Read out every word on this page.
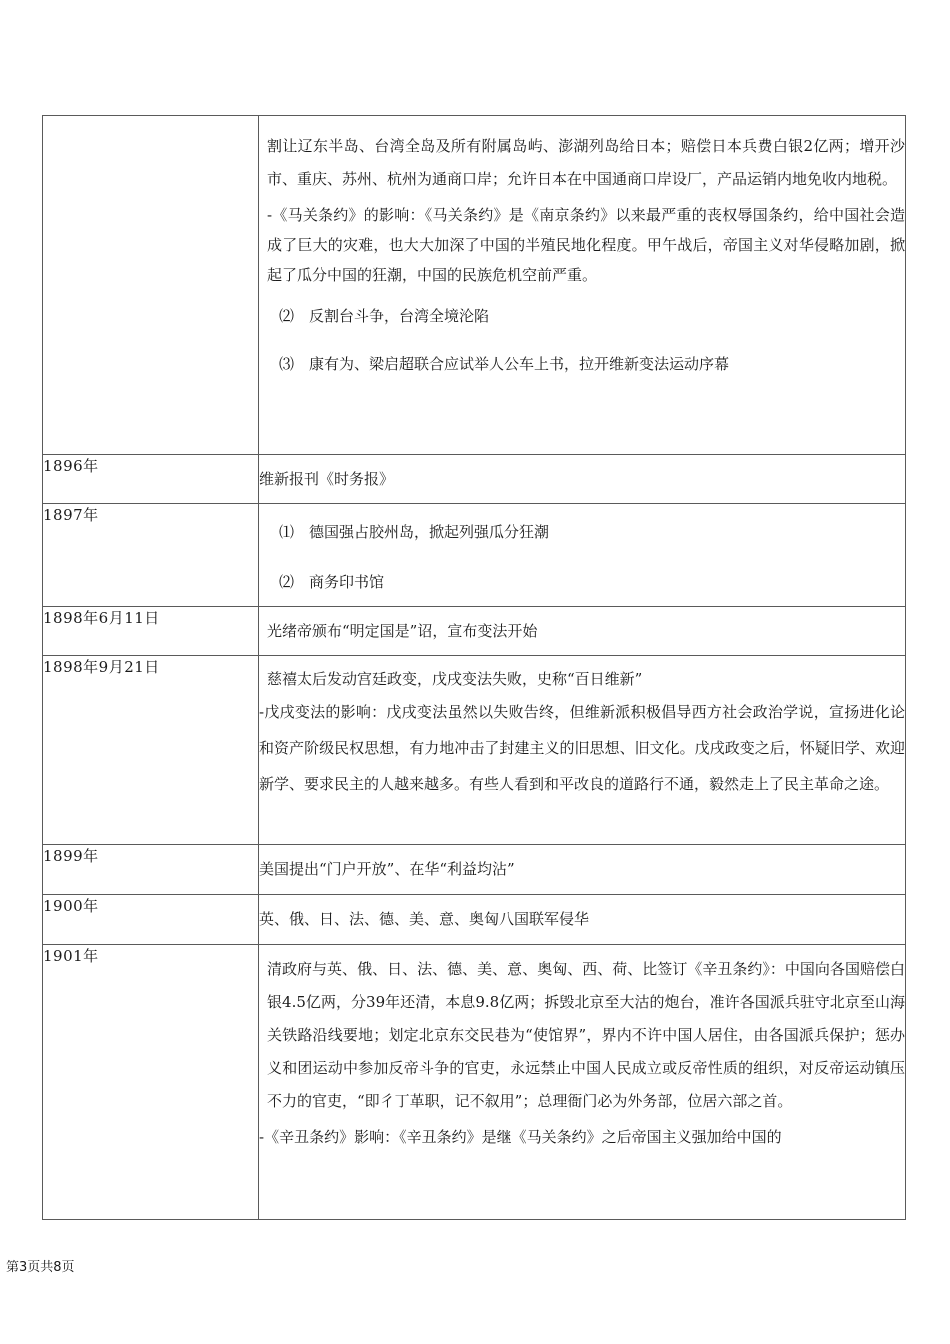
	割让辽东半岛、台湾全岛及所有附属岛屿、澎湖列岛给日本；赔偿日本兵费白银2亿两；增开沙市、重庆、苏州、杭州为通商口岸；允许日本在中国通商口岸设厂，产品运销内地免收内地税。

-《马关条约》的影响：《马关条约》是《南京条约》以来最严重的丧权辱国条约，给中国社会造成了巨大的灾难，也大大加深了中国的半殖民地化程度。甲午战后，帝国主义对华侵略加剧，掀起了瓜分中国的狂潮，中国的民族危机空前严重。

⑵　反割台斗争，台湾全境沦陷

⑶　康有为、梁启超联合应试举人公车上书，拉开维新变法运动序幕

1896年	维新报刊《时务报》

1897年	⑴　德国强占胶州岛，掀起列强瓜分狂潮

⑵　商务印书馆

1898年6月11日	光绪帝颁布“明定国是”诏，宣布变法开始

1898年9月21日	慈禧太后发动宫廷政变，戊戌变法失败，史称“百日维新”

-戊戌变法的影响：戊戌变法虽然以失败告终，但维新派积极倡导西方社会政治学说，宣扬进化论和资产阶级民权思想，有力地冲击了封建主义的旧思想、旧文化。戊戌政变之后，怀疑旧学、欢迎新学、要求民主的人越来越多。有些人看到和平改良的道路行不通，毅然走上了民主革命之途。

1899年	美国提出“门户开放”、在华“利益均沾”

1900年	英、俄、日、法、德、美、意、奥匈八国联军侵华

1901年	清政府与英、俄、日、法、德、美、意、奥匈、西、荷、比签订《辛丑条约》：中国向各国赔偿白银4.5亿两，分39年还清，本息9.8亿两；拆毁北京至大沽的炮台，准许各国派兵驻守北京至山海关铁路沿线要地；划定北京东交民巷为“使馆界”，界内不许中国人居住，由各国派兵保护；惩办义和团运动中参加反帝斗争的官吏，永远禁止中国人民成立或反帝性质的组织，对反帝运动镇压不力的官吏，“即彳丁革职，记不叙用”；总理衙门必为外务部，位居六部之首。

-《辛丑条约》影响：《辛丑条约》是继《马关条约》之后帝国主义强加给中国的

第3页共8页
